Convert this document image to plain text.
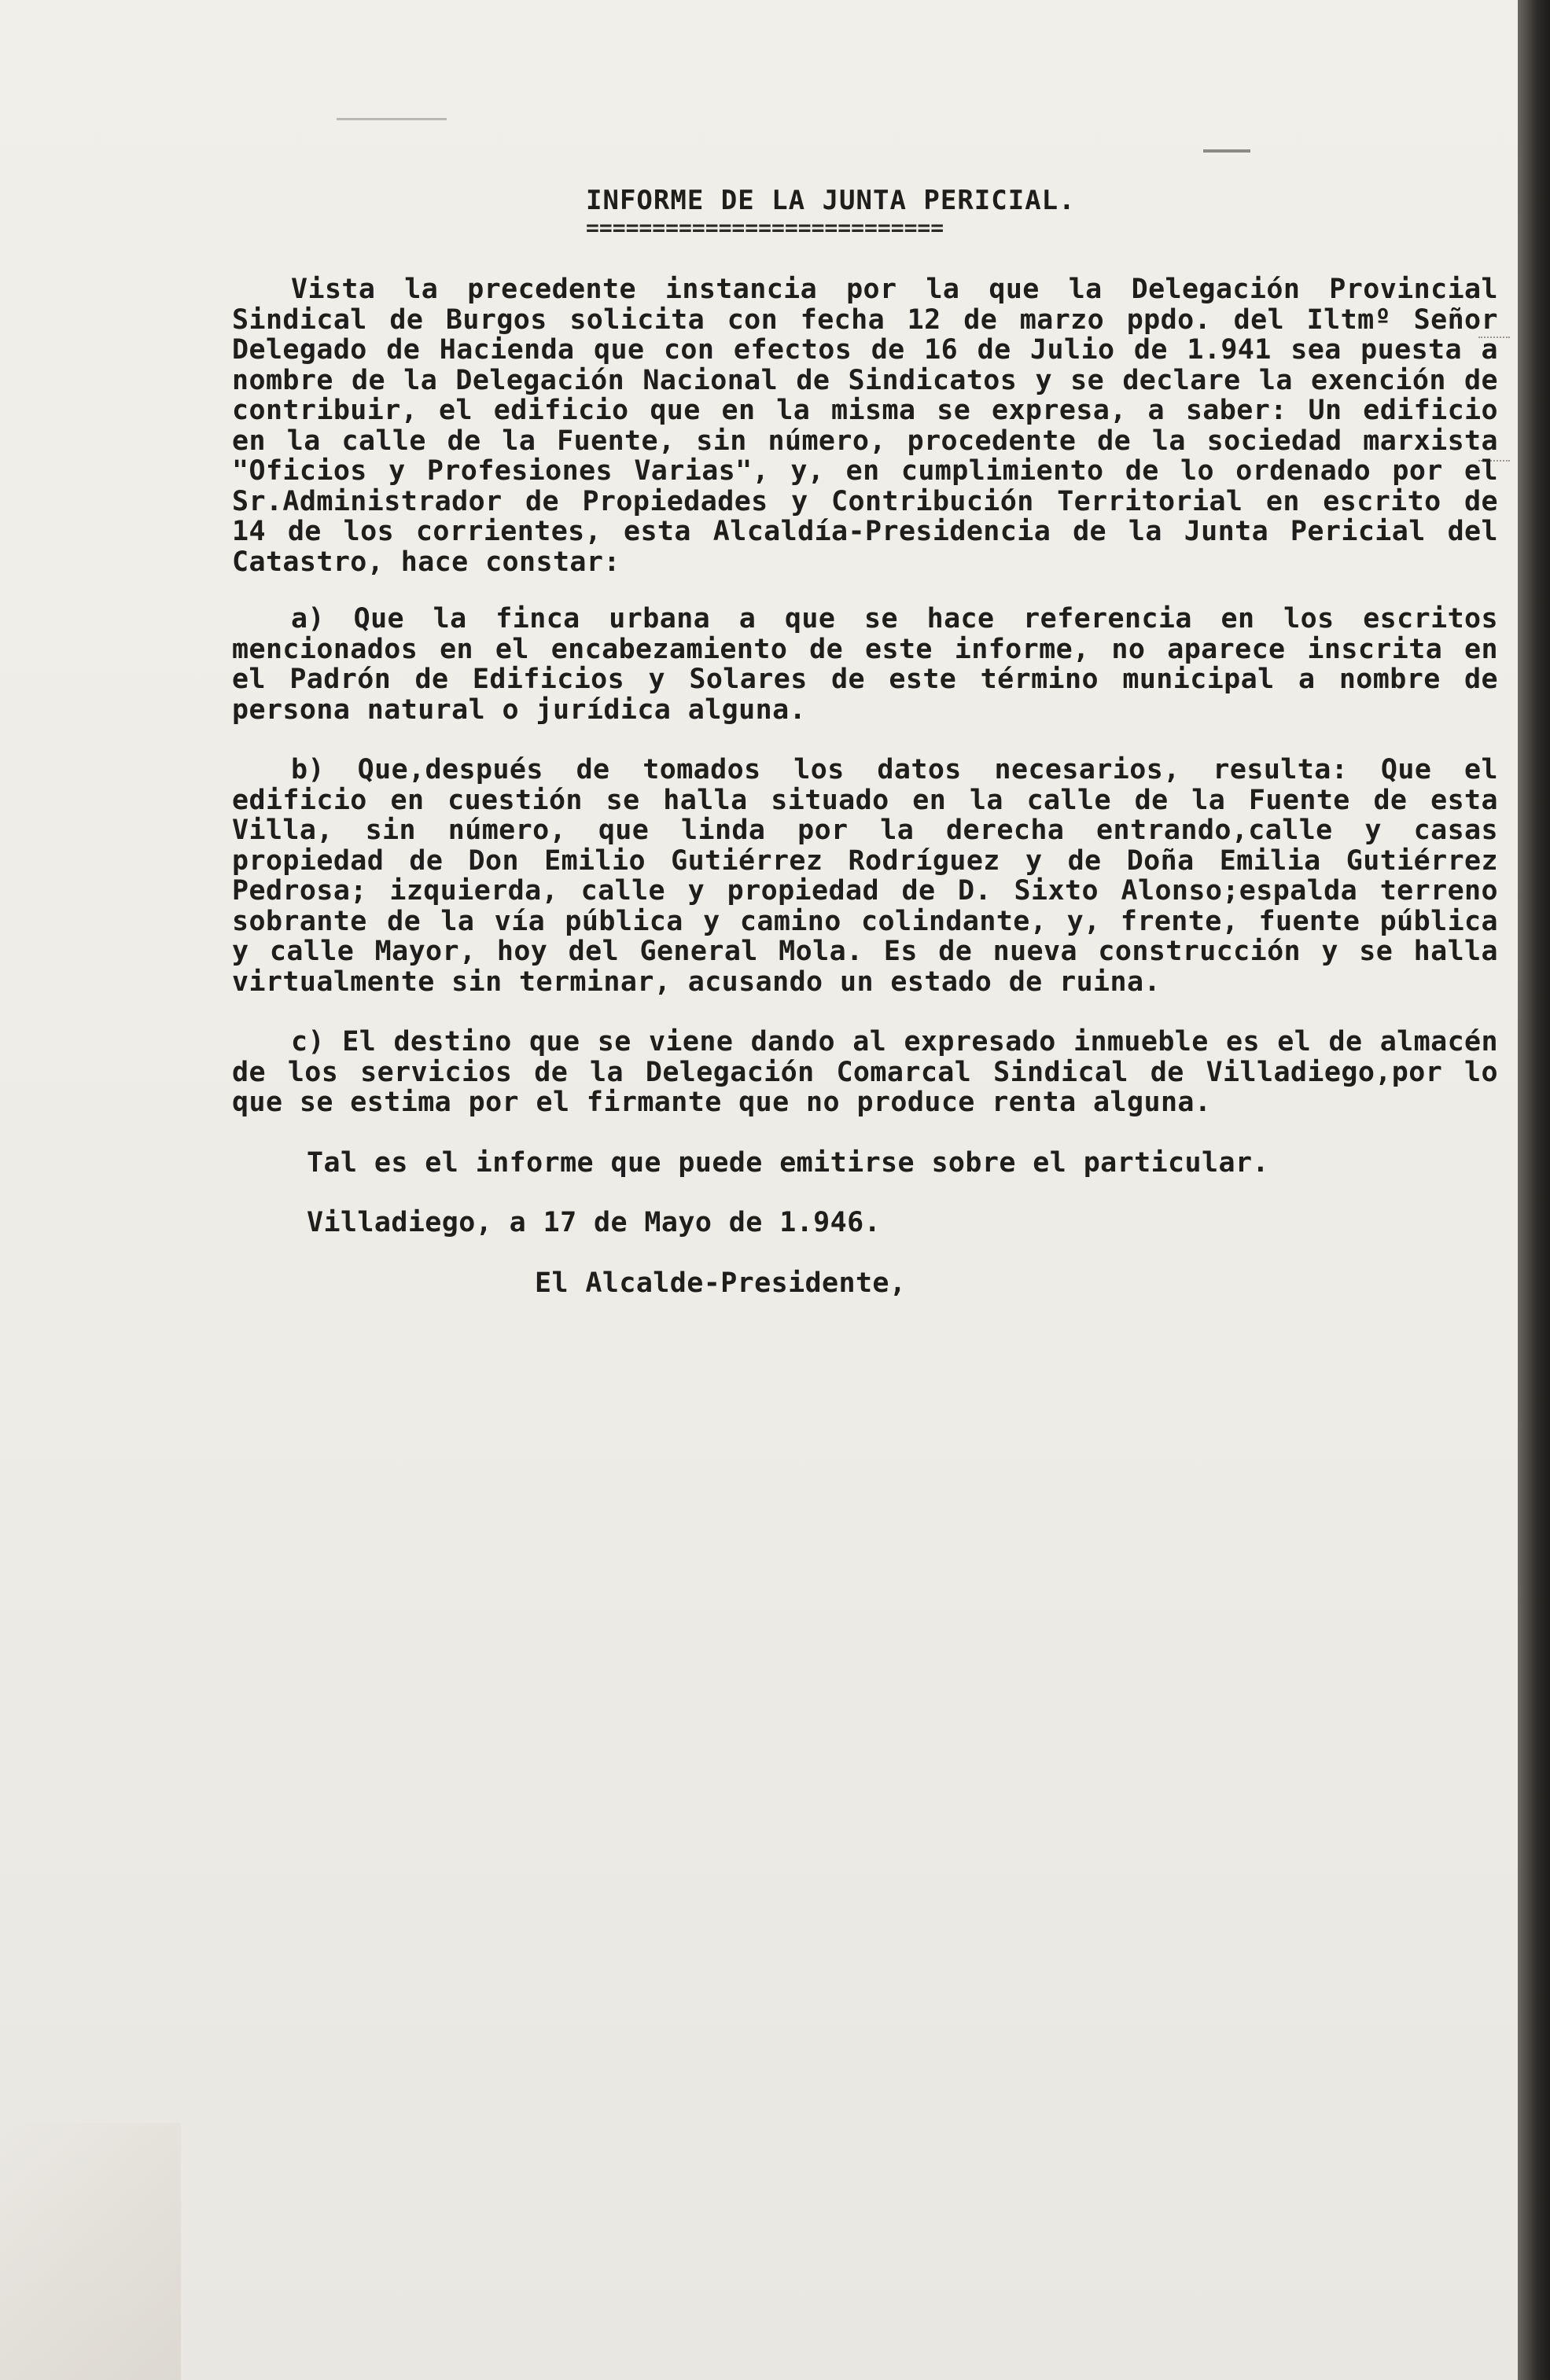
INFORME DE LA JUNTA PERICIAL.
===========================
Vista la precedente instancia por la que la Delegación Provincial Sindical de Burgos solicita con fecha 12 de marzo ppdo. del Iltmº Señor Delegado de Hacienda que con efectos de 16 de Julio de 1.941 sea puesta a nombre de la Delegación Nacional de Sindicatos y se declare la exención de contribuir, el edificio que en la misma se expresa, a saber: Un edificio en la calle de la Fuente, sin número, procedente de la sociedad marxista "Oficios y Profesiones Varias", y, en cumplimiento de lo ordenado por el Sr.Administrador de Propiedades y Contribución Territorial en escrito de 14 de los corrientes, esta Alcaldía-Presidencia de la Junta Pericial del Catastro, hace constar:
a) Que la finca urbana a que se hace referencia en los escritos mencionados en el encabezamiento de este informe, no aparece inscrita en el Padrón de Edificios y Solares de este término municipal a nombre de persona natural o jurídica alguna.
b) Que,después de tomados los datos necesarios, resulta: Que el edificio en cuestión se halla situado en la calle de la Fuente de esta Villa, sin número, que linda por la derecha entrando,calle y casas propiedad de Don Emilio Gutiérrez Rodríguez y de Doña Emilia Gutiérrez Pedrosa; izquierda, calle y propiedad de D. Sixto Alonso;espalda terreno sobrante de la vía pública y camino colindante, y, frente, fuente pública y calle Mayor, hoy del General Mola. Es de nueva construcción y se halla virtualmente sin terminar, acusando un estado de ruina.
c) El destino que se viene dando al expresado inmueble es el de almacén de los servicios de la Delegación Comarcal Sindical de Villadiego,por lo que se estima por el firmante que no produce renta alguna.
Tal es el informe que puede emitirse sobre el particular.
Villadiego, a 17 de Mayo de 1.946.
El Alcalde-Presidente,
